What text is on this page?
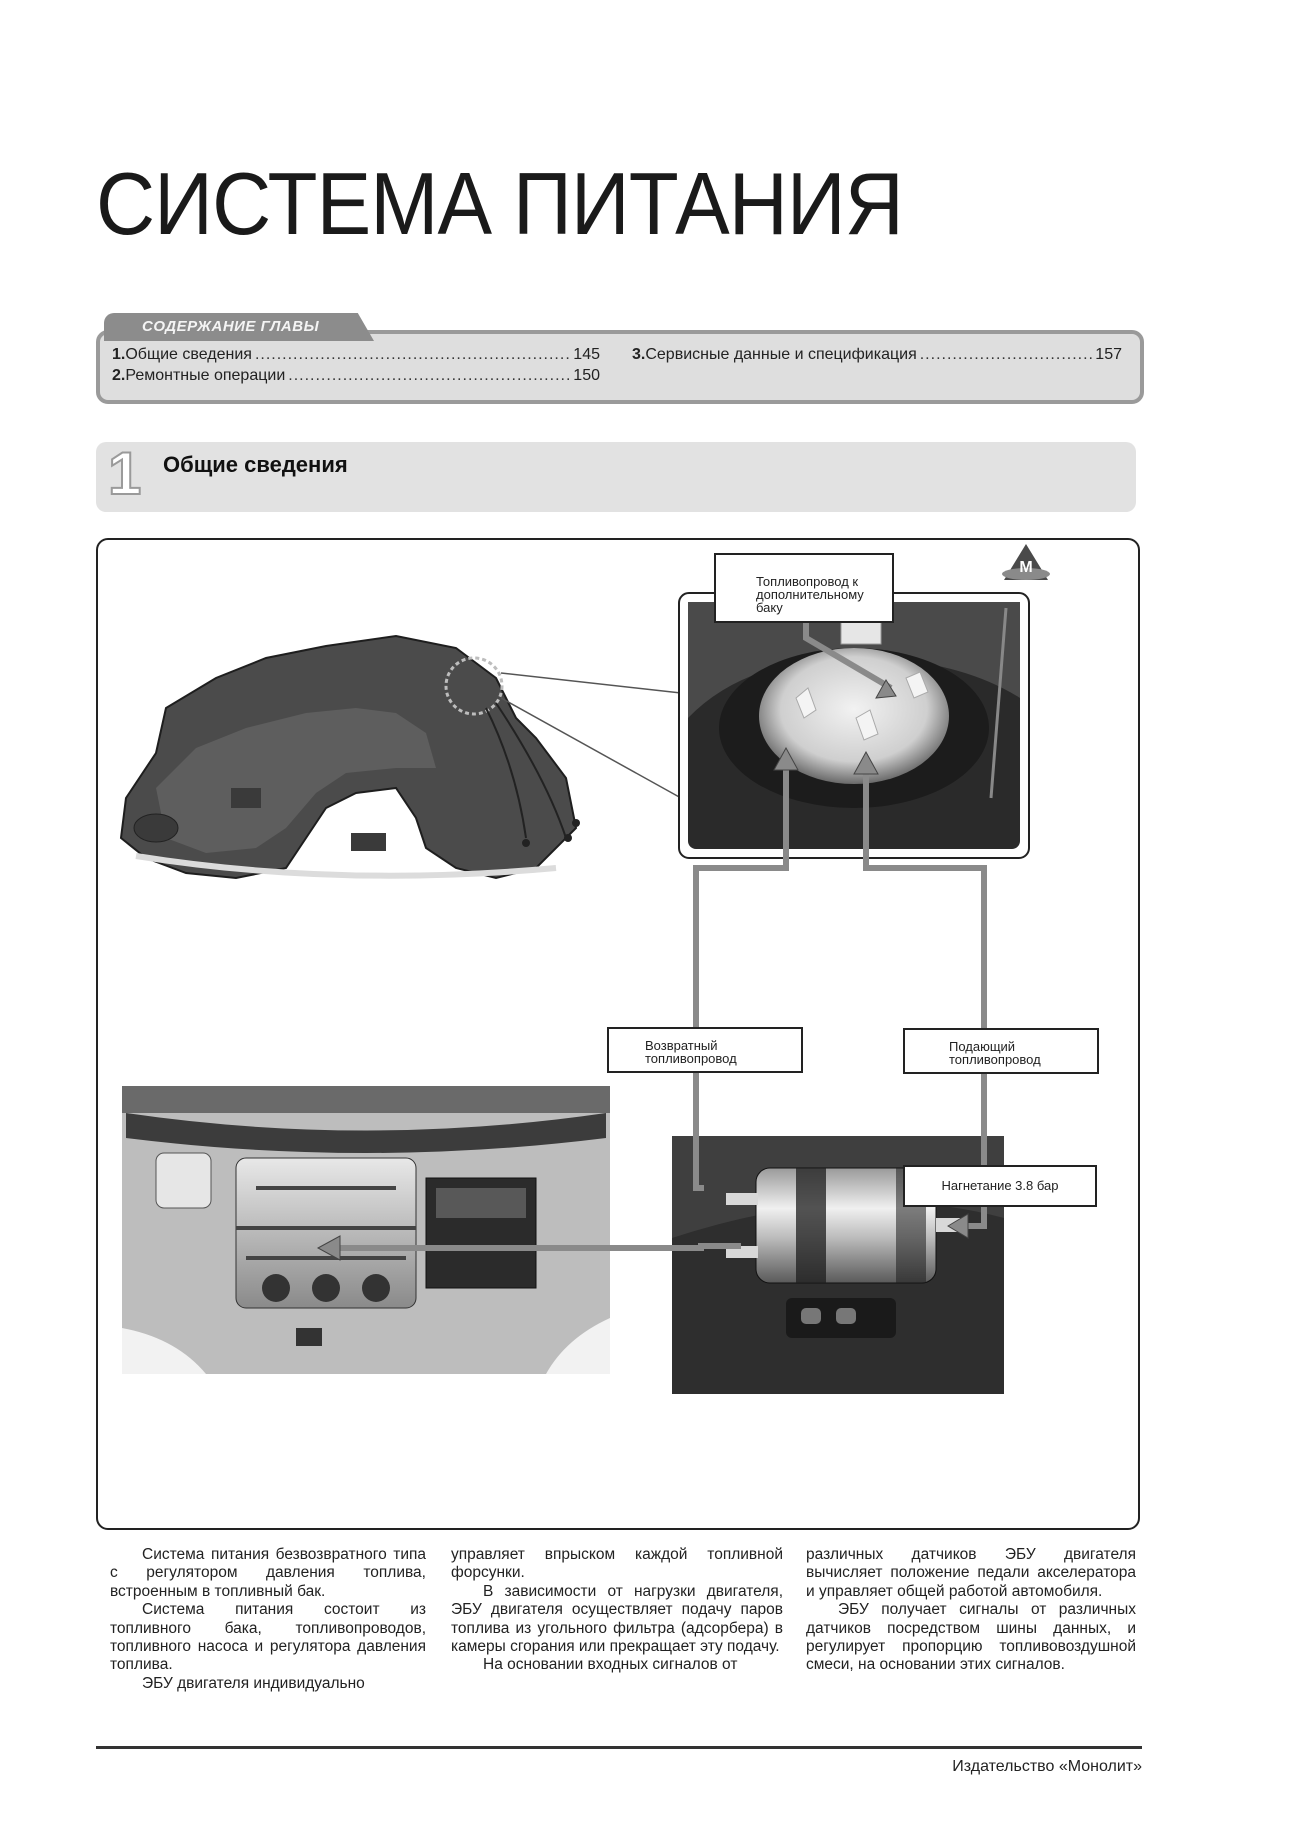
СИСТЕМА ПИТАНИЯ
СОДЕРЖАНИЕ ГЛАВЫ
1. Общие сведения .....	145
2. Ремонтные операции .....	150
3. Сервисные данные и спецификация .....	157
1 Общие сведения
М
Топливопровод к дополнительному баку
Возвратный топливопровод
Подающий топливопровод
Нагнетание 3.8 бар

Система питания безвозвратного типа с регулятором давления топлива, встроенным в топливный бак.

Система питания состоит из топливного бака, топливопроводов, топливного насоса и регулятора давления топлива.

ЭБУ двигателя индивидуально

управляет впрыском каждой топливной форсунки.

В зависимости от нагрузки двигателя, ЭБУ двигателя осуществляет подачу паров топлива из угольного фильтра (адсорбера) в камеры сгорания или прекращает эту подачу.

На основании входных сигналов от

различных датчиков ЭБУ двигателя вычисляет положение педали акселератора и управляет общей работой автомобиля.

ЭБУ получает сигналы от различных датчиков посредством шины данных, и регулирует пропорцию топливовоздушной смеси, на основании этих сигналов.

Издательство «Монолит»
